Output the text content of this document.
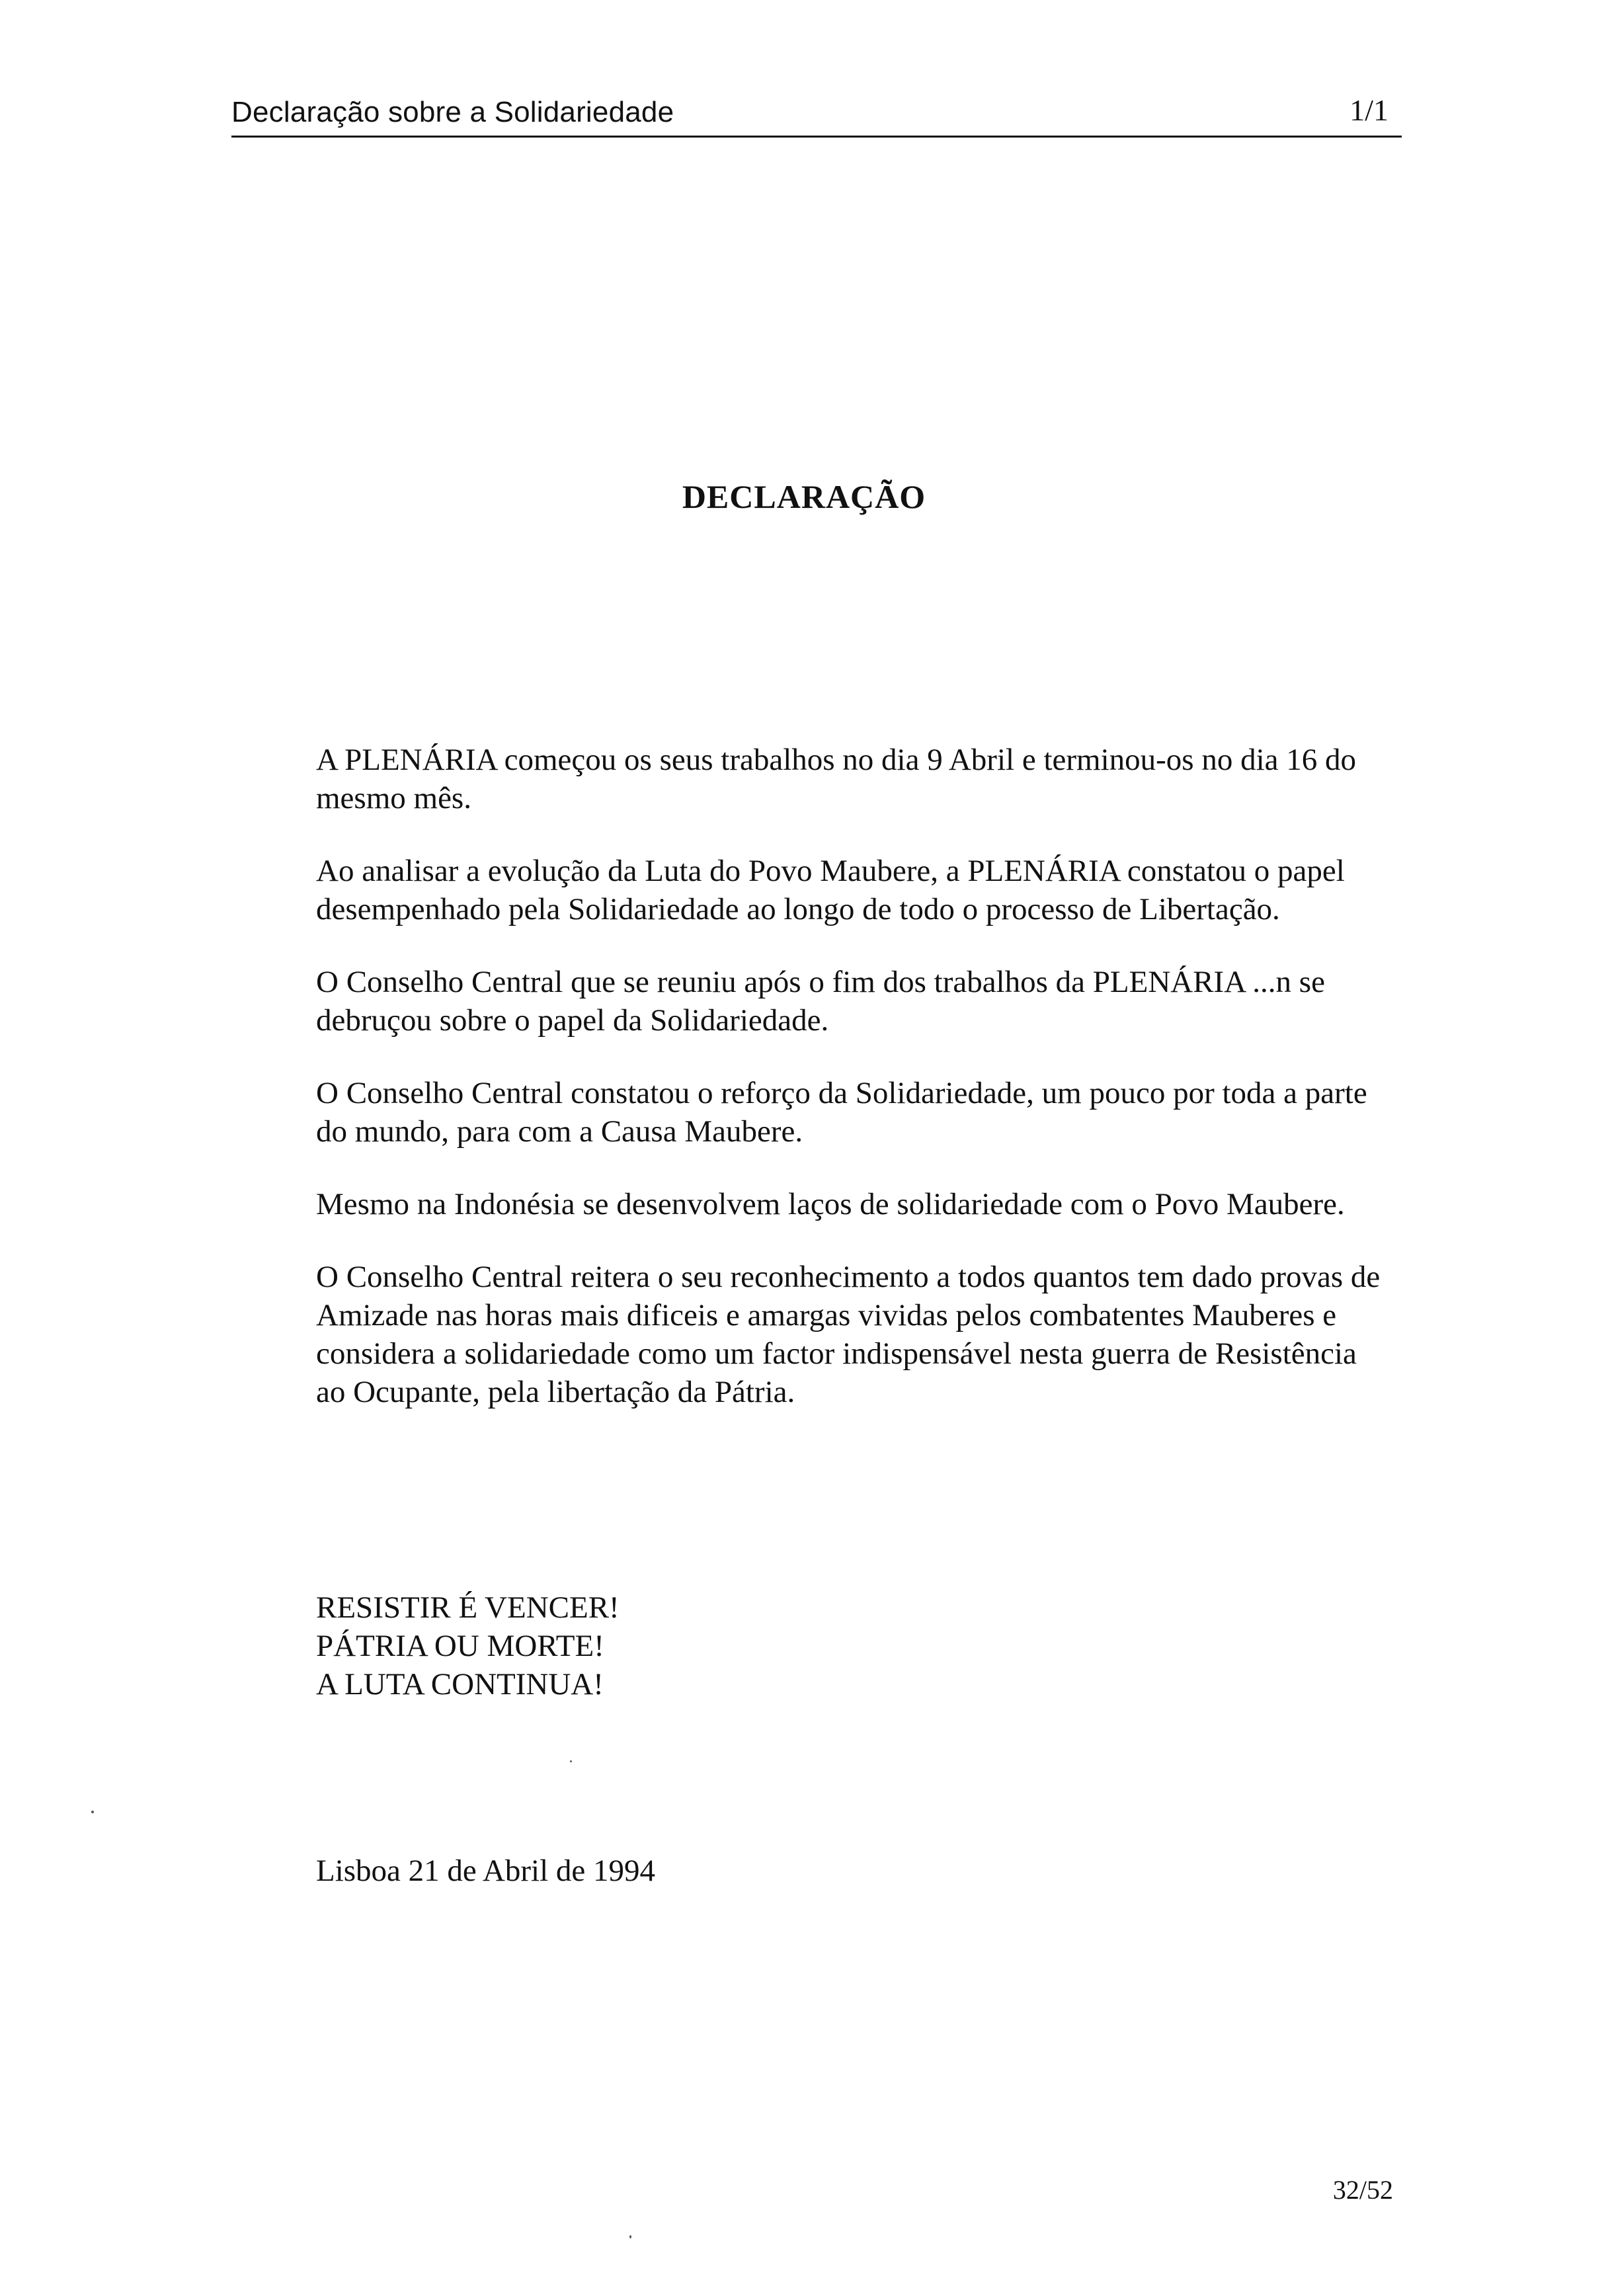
Declaração sobre a Solidariedade	1/1
DECLARAÇÃO

A PLENÁRIA começou os seus trabalhos no dia 9 Abril e terminou-os no dia 16 do mesmo mês.

Ao analisar a evolução da Luta do Povo Maubere, a PLENÁRIA constatou o papel desempenhado pela Solidariedade ao longo de todo o processo de Libertação.

O Conselho Central que se reuniu após o fim dos trabalhos da PLENÁRIA ...n se debruçou sobre o papel da Solidariedade.

O Conselho Central constatou o reforço da Solidariedade, um pouco por toda a parte do mundo, para com a Causa Maubere.

Mesmo na Indonésia se desenvolvem laços de solidariedade com o Povo Maubere.

O Conselho Central reitera o seu reconhecimento a todos quantos tem dado provas de Amizade nas horas mais dificeis e amargas vividas pelos combatentes Mauberes e considera a solidariedade como um factor indispensável nesta guerra de Resistência ao Ocupante, pela libertação da Pátria.

RESISTIR É VENCER!
PÁTRIA OU MORTE!
A LUTA CONTINUA!
Lisboa 21 de Abril de 1994
32/52
